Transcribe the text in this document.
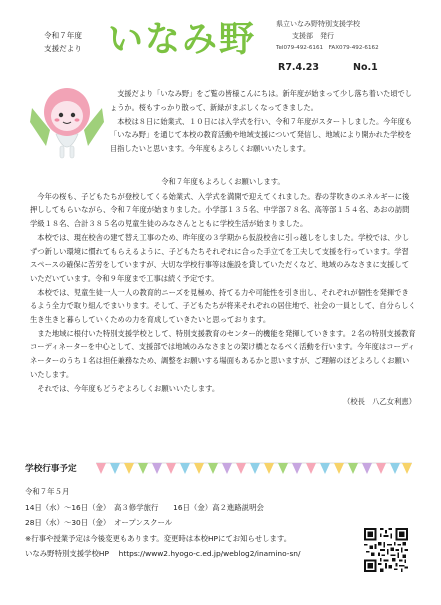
令和７年度
支援だより いなみ野	県立いなみ野特別支援学校
支援部　発行
Tel079-492-6161　FAX079-492-6162
R7.4.23	No.1

支援だより「いなみ野」をご覧の皆様こんにちは。新年度が始まって少し落ち着いた頃でしょうか。桜もすっかり散って、新緑がまぶしくなってきました。

本校は８日に始業式、１０日には入学式を行い、令和７年度がスタートしました。今年度も「いなみ野」を通じて本校の教育活動や地域支援について発信し、地域により開かれた学校を目指したいと思います。今年度もよろしくお願いいたします。

令和７年度もよろしくお願いします。

今年の桜も、子どもたちが登校してくる始業式、入学式を満開で迎えてくれました。春の芽吹きのエネルギーに後押ししてもらいながら、令和７年度が始まりました。小学部１３５名、中学部７８名、高等部１５４名、あおの訪問学級１８名、合計３８５名の児童生徒のみなさんとともに学校生活が始まりました。

本校では、現在校舎の建て替え工事のため、昨年度の３学期から仮設校舎に引っ越しをしました。学校では、少しずつ新しい環境に慣れてもらえるように、子どもたちそれぞれに合った手立てを工夫して支援を行っています。学習スペースの確保に苦労をしていますが、大切な学校行事等は施設を貸していただくなど、地域のみなさまに支援していただいています。令和９年度まで工事は続く予定です。

本校では、児童生徒一人一人の教育的ニーズを見極め、持てる力や可能性を引き出し、それぞれが個性を発揮できるよう全力で取り組んでまいります。そして、子どもたちが将来それぞれの居住地で、社会の一員として、自分らしく生き生きと暮らしていくための力を育成していきたいと思っております。

また地域に根付いた特別支援学校として、特別支援教育のセンター的機能を発揮していきます。２名の特別支援教育コーディネーターを中心として、支援部では地域のみなさまとの架け橋となるべく活動を行います。今年度はコーディネーターのうち１名は担任兼務なため、調整をお願いする場面もあるかと思いますが、ご理解のほどよろしくお願いいたします。

それでは、今年度もどうぞよろしくお願いいたします。

（校長　八乙女利恵）

学校行事予定
令和７年５月
14日（水）～16日（金）　高３修学旅行　　16日（金）高２進路説明会
28日（水）～30日（金）　オープンスクール
※行事や授業予定は今後変更もあります。変更時は本校HPにてお知らせします。
いなみ野特別支援学校HP　 https://www2.hyogo-c.ed.jp/weblog2/inamino-sn/
